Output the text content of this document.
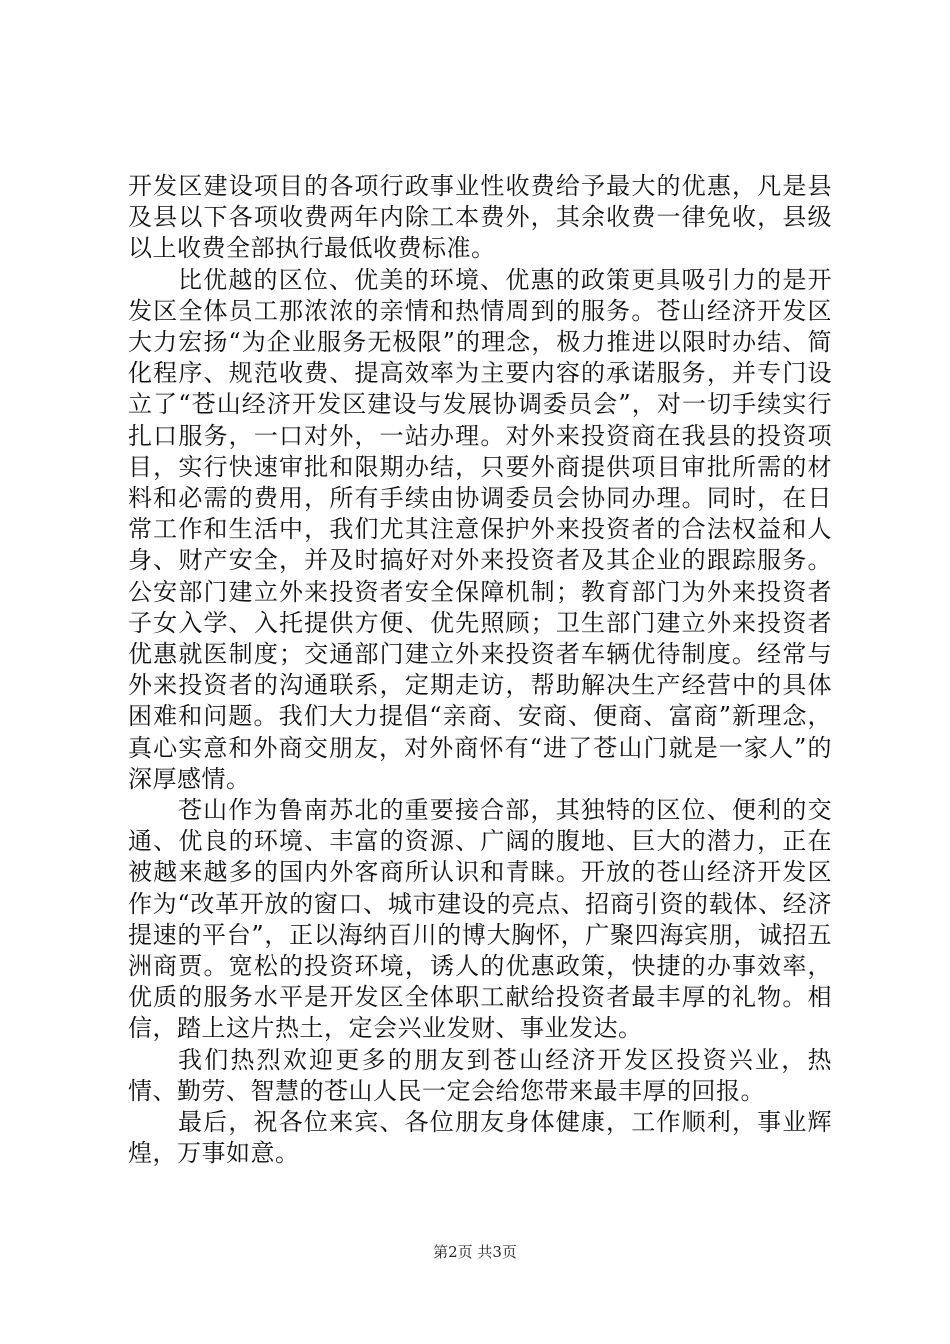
开发区建设项目的各项行政事业性收费给予最大的优惠，凡是县及县以下各项收费两年内除工本费外，其余收费一律免收，县级以上收费全部执行最低收费标准。

比优越的区位、优美的环境、优惠的政策更具吸引力的是开发区全体员工那浓浓的亲情和热情周到的服务。苍山经济开发区大力宏扬“为企业服务无极限”的理念，极力推进以限时办结、简化程序、规范收费、提高效率为主要内容的承诺服务，并专门设立了“苍山经济开发区建设与发展协调委员会”，对一切手续实行扎口服务，一口对外，一站办理。对外来投资商在我县的投资项目，实行快速审批和限期办结，只要外商提供项目审批所需的材料和必需的费用，所有手续由协调委员会协同办理。同时，在日常工作和生活中，我们尤其注意保护外来投资者的合法权益和人身、财产安全，并及时搞好对外来投资者及其企业的跟踪服务。公安部门建立外来投资者安全保障机制；教育部门为外来投资者子女入学、入托提供方便、优先照顾；卫生部门建立外来投资者优惠就医制度；交通部门建立外来投资者车辆优待制度。经常与外来投资者的沟通联系，定期走访，帮助解决生产经营中的具体困难和问题。我们大力提倡“亲商、安商、便商、富商”新理念，真心实意和外商交朋友，对外商怀有“进了苍山门就是一家人”的深厚感情。

苍山作为鲁南苏北的重要接合部，其独特的区位、便利的交通、优良的环境、丰富的资源、广阔的腹地、巨大的潜力，正在被越来越多的国内外客商所认识和青睐。开放的苍山经济开发区作为“改革开放的窗口、城市建设的亮点、招商引资的载体、经济提速的平台”，正以海纳百川的博大胸怀，广聚四海宾朋，诚招五洲商贾。宽松的投资环境，诱人的优惠政策，快捷的办事效率，优质的服务水平是开发区全体职工献给投资者最丰厚的礼物。相信，踏上这片热土，定会兴业发财、事业发达。

我们热烈欢迎更多的朋友到苍山经济开发区投资兴业，热情、勤劳、智慧的苍山人民一定会给您带来最丰厚的回报。

最后，祝各位来宾、各位朋友身体健康，工作顺利，事业辉煌，万事如意。

第2页 共3页
